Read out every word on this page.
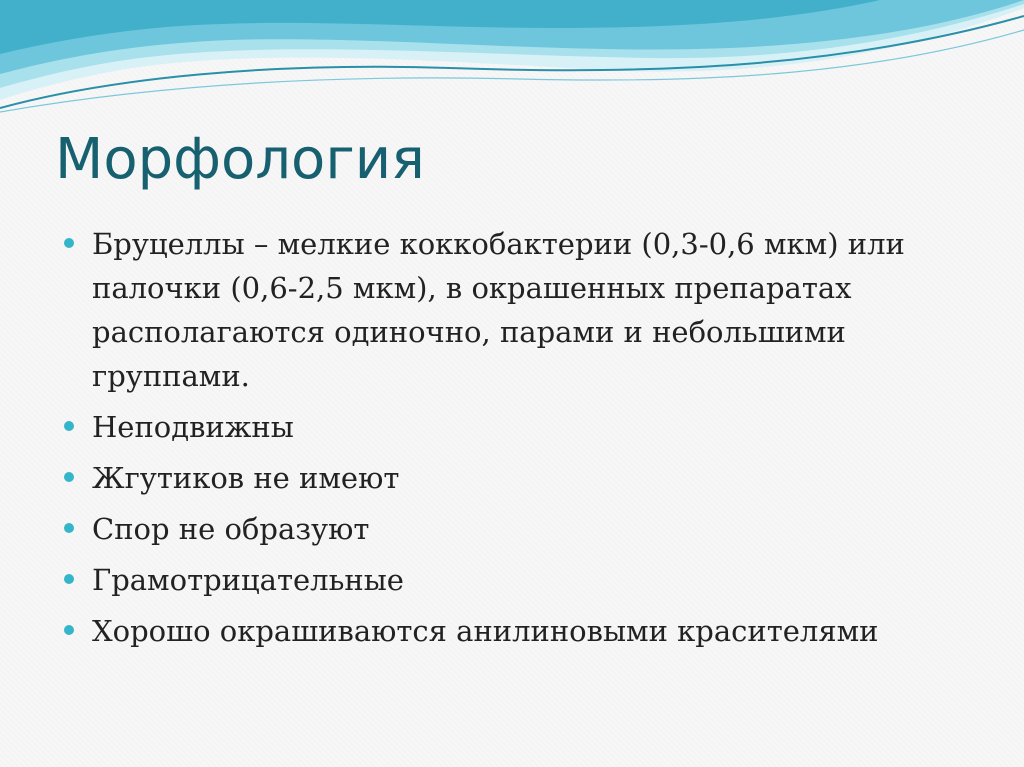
Морфология
Бруцеллы – мелкие коккобактерии (0,3-0,6 мкм) или палочки (0,6-2,5 мкм), в окрашенных препаратах располагаются одиночно, парами и небольшими группами.
Неподвижны
Жгутиков не имеют
Спор не образуют
Грамотрицательные
Хорошо окрашиваются анилиновыми красителями
